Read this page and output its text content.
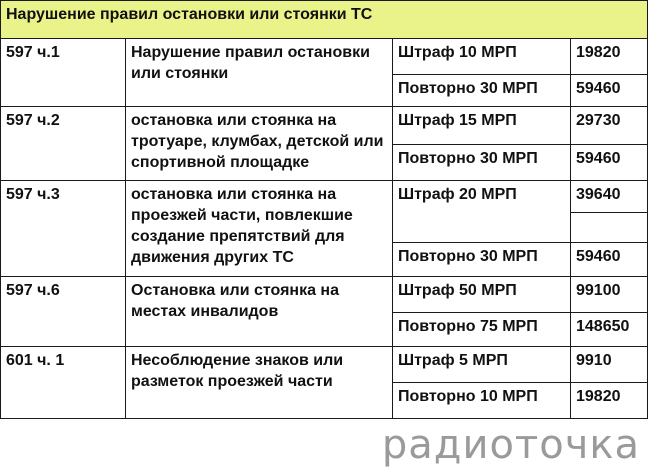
Нарушение правил остановки или стоянки ТС			
597 ч.1	Нарушение правил остановки или стоянки	Штраф 10 МРП	19820
		Повторно 30 МРП	59460
597 ч.2	остановка или стоянка на тротуаре, клумбах, детской или спортивной площадке	Штраф 15 МРП	29730
		Повторно 30 МРП	59460
597 ч.3	остановка или стоянка на проезжей части, повлекшие создание препятствий для движения других ТС	Штраф 20 МРП	39640

		Повторно 30 МРП	59460
597 ч.6	Остановка или стоянка на местах инвалидов	Штраф 50 МРП	99100
		Повторно 75 МРП	148650
601 ч. 1	Несоблюдение знаков или разметок проезжей части	Штраф 5 МРП	9910
		Повторно 10 МРП	19820
радиоточка
